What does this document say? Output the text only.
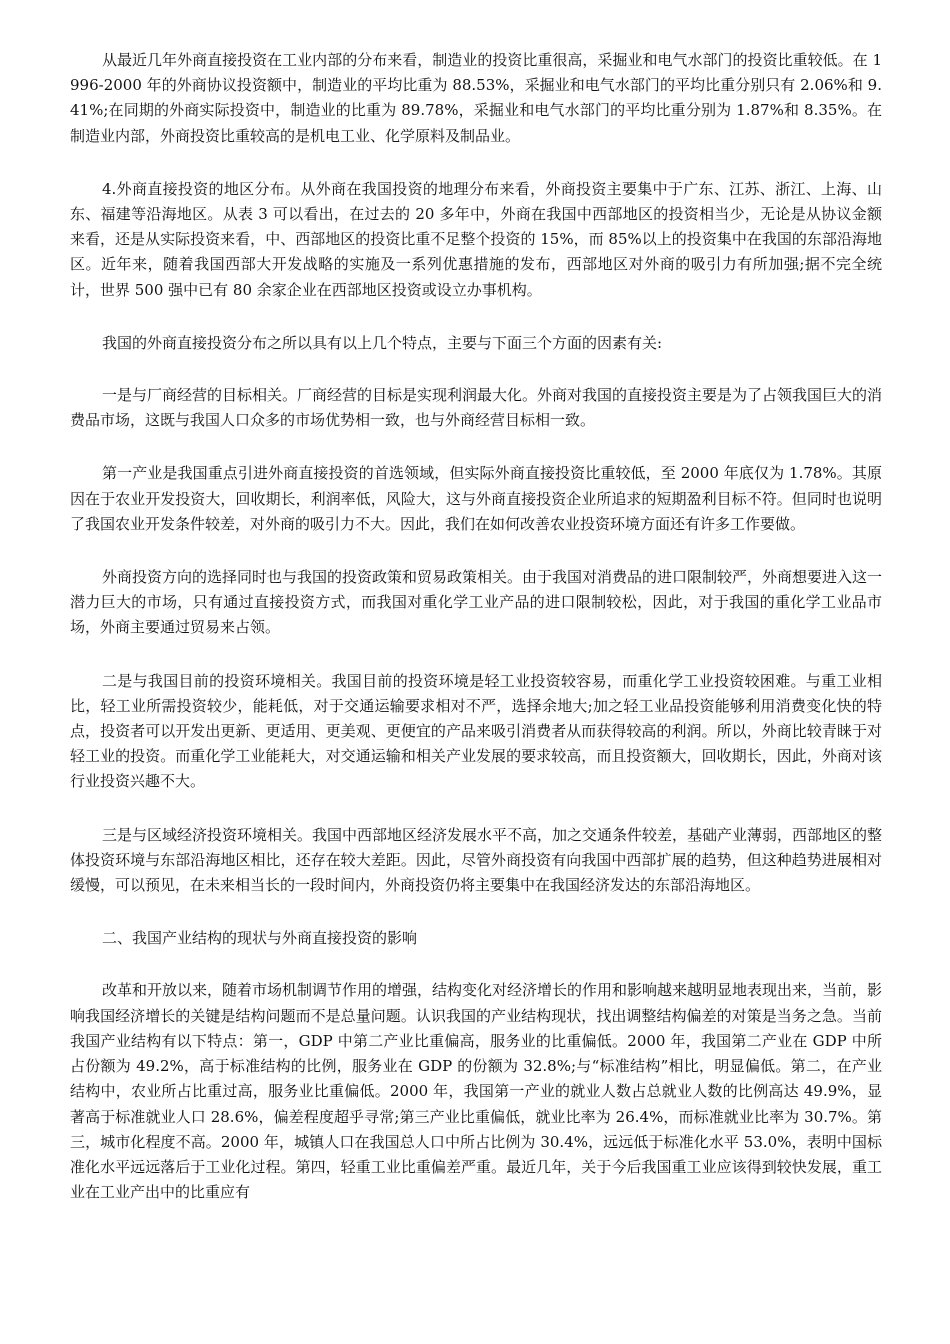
从最近几年外商直接投资在工业内部的分布来看，制造业的投资比重很高，采掘业和电气水部门的投资比重较低。在 1996-2000 年的外商协议投资额中，制造业的平均比重为 88.53%，采掘业和电气水部门的平均比重分别只有 2.06%和 9.41%;在同期的外商实际投资中，制造业的比重为 89.78%，采掘业和电气水部门的平均比重分别为 1.87%和 8.35%。在制造业内部，外商投资比重较高的是机电工业、化学原料及制品业。

4.外商直接投资的地区分布。从外商在我国投资的地理分布来看，外商投资主要集中于广东、江苏、浙江、上海、山东、福建等沿海地区。从表 3 可以看出，在过去的 20 多年中，外商在我国中西部地区的投资相当少，无论是从协议金额来看，还是从实际投资来看，中、西部地区的投资比重不足整个投资的 15%，而 85%以上的投资集中在我国的东部沿海地区。近年来，随着我国西部大开发战略的实施及一系列优惠措施的发布，西部地区对外商的吸引力有所加强;据不完全统计，世界 500 强中已有 80 余家企业在西部地区投资或设立办事机构。

我国的外商直接投资分布之所以具有以上几个特点，主要与下面三个方面的因素有关:

一是与厂商经营的目标相关。厂商经营的目标是实现利润最大化。外商对我国的直接投资主要是为了占领我国巨大的消费品市场，这既与我国人口众多的市场优势相一致，也与外商经营目标相一致。

第一产业是我国重点引进外商直接投资的首选领域，但实际外商直接投资比重较低，至 2000 年底仅为 1.78%。其原因在于农业开发投资大，回收期长，利润率低，风险大，这与外商直接投资企业所追求的短期盈利目标不符。但同时也说明了我国农业开发条件较差，对外商的吸引力不大。因此，我们在如何改善农业投资环境方面还有许多工作要做。

外商投资方向的选择同时也与我国的投资政策和贸易政策相关。由于我国对消费品的进口限制较严，外商想要进入这一潜力巨大的市场，只有通过直接投资方式，而我国对重化学工业产品的进口限制较松，因此，对于我国的重化学工业品市场，外商主要通过贸易来占领。

二是与我国目前的投资环境相关。我国目前的投资环境是轻工业投资较容易，而重化学工业投资较困难。与重工业相比，轻工业所需投资较少，能耗低，对于交通运输要求相对不严，选择余地大;加之轻工业品投资能够利用消费变化快的特点，投资者可以开发出更新、更适用、更美观、更便宜的产品来吸引消费者从而获得较高的利润。所以，外商比较青睐于对轻工业的投资。而重化学工业能耗大，对交通运输和相关产业发展的要求较高，而且投资额大，回收期长，因此，外商对该行业投资兴趣不大。

三是与区域经济投资环境相关。我国中西部地区经济发展水平不高，加之交通条件较差，基础产业薄弱，西部地区的整体投资环境与东部沿海地区相比，还存在较大差距。因此，尽管外商投资有向我国中西部扩展的趋势，但这种趋势进展相对缓慢，可以预见，在未来相当长的一段时间内，外商投资仍将主要集中在我国经济发达的东部沿海地区。

二、我国产业结构的现状与外商直接投资的影响

改革和开放以来，随着市场机制调节作用的增强，结构变化对经济增长的作用和影响越来越明显地表现出来，当前，影响我国经济增长的关键是结构问题而不是总量问题。认识我国的产业结构现状，找出调整结构偏差的对策是当务之急。当前我国产业结构有以下特点：第一，GDP 中第二产业比重偏高，服务业的比重偏低。2000 年，我国第二产业在 GDP 中所占份额为 49.2%，高于标准结构的比例，服务业在 GDP 的份额为 32.8%;与“标准结构”相比，明显偏低。第二，在产业结构中，农业所占比重过高，服务业比重偏低。2000 年，我国第一产业的就业人数占总就业人数的比例高达 49.9%，显著高于标准就业人口 28.6%，偏差程度超乎寻常;第三产业比重偏低，就业比率为 26.4%，而标准就业比率为 30.7%。第三，城市化程度不高。2000 年，城镇人口在我国总人口中所占比例为 30.4%，远远低于标准化水平 53.0%，表明中国标准化水平远远落后于工业化过程。第四，轻重工业比重偏差严重。最近几年，关于今后我国重工业应该得到较快发展，重工业在工业产出中的比重应有
